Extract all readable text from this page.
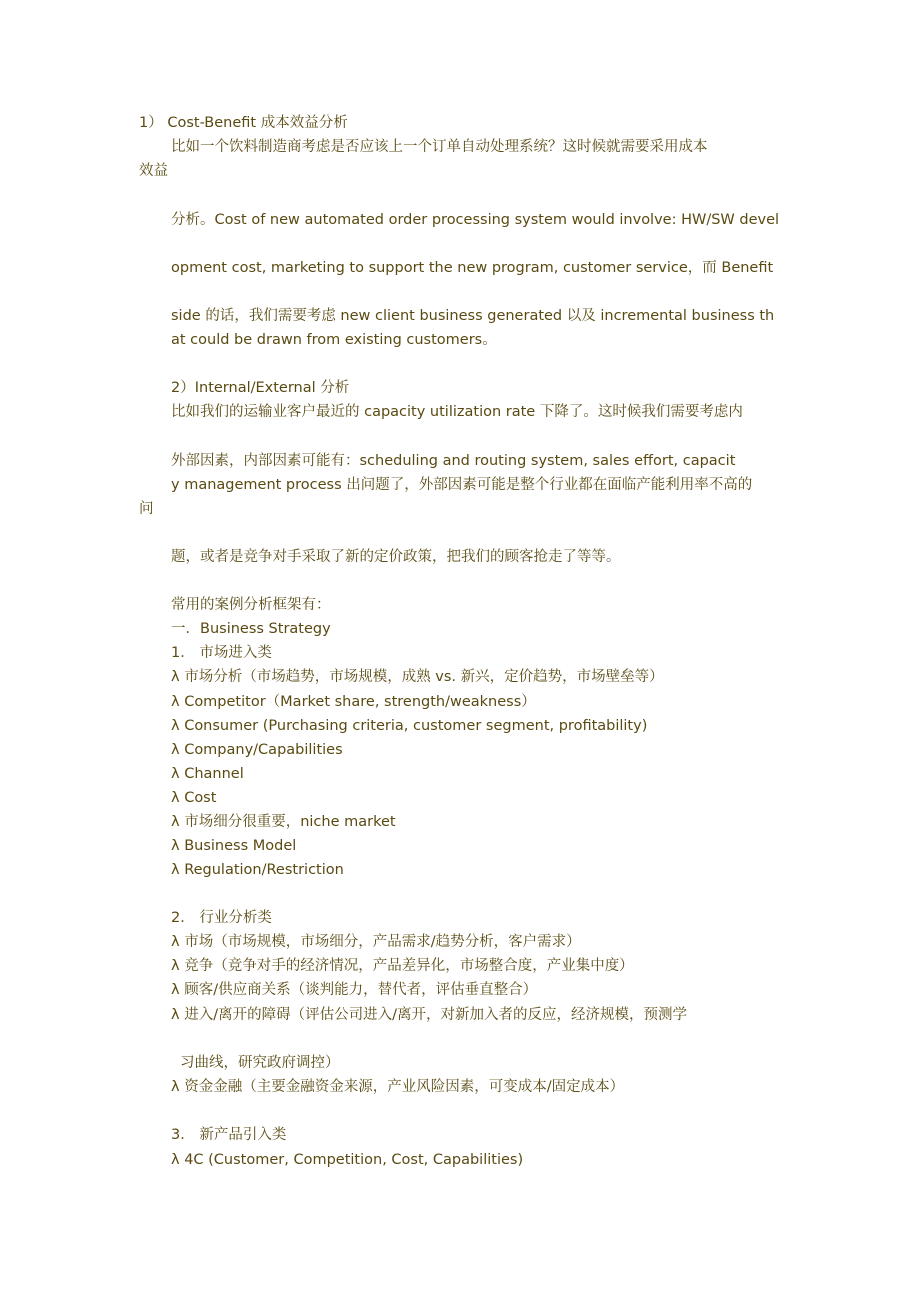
1） Cost-Benefit 成本效益分析
比如一个饮料制造商考虑是否应该上一个订单自动处理系统？这时候就需要采用成本
效益
分析。Cost of new automated order processing system would involve: HW/SW devel
opment cost, marketing to support the new program, customer service，而 Benefit
side 的话，我们需要考虑 new client business generated 以及 incremental business th
at could be drawn from existing customers。
2）Internal/External 分析
比如我们的运输业客户最近的 capacity utilization rate 下降了。这时候我们需要考虑内
外部因素，内部因素可能有：scheduling and routing system, sales effort, capacit
y management process 出问题了，外部因素可能是整个行业都在面临产能利用率不高的
问
题，或者是竞争对手采取了新的定价政策，把我们的顾客抢走了等等。
常用的案例分析框架有：
一．Business Strategy
1． 市场进入类
λ 市场分析（市场趋势，市场规模，成熟 vs. 新兴，定价趋势，市场壁垒等）
λ Competitor（Market share, strength/weakness）
λ Consumer (Purchasing criteria, customer segment, profitability)
λ Company/Capabilities
λ Channel
λ Cost
λ 市场细分很重要，niche market
λ Business Model
λ Regulation/Restriction
2． 行业分析类
λ 市场（市场规模，市场细分，产品需求/趋势分析，客户需求）
λ 竞争（竞争对手的经济情况，产品差异化，市场整合度，产业集中度）
λ 顾客/供应商关系（谈判能力，替代者，评估垂直整合）
λ 进入/离开的障碍（评估公司进入/离开，对新加入者的反应，经济规模，预测学
习曲线，研究政府调控）
λ 资金金融（主要金融资金来源，产业风险因素，可变成本/固定成本）
3． 新产品引入类
λ 4C (Customer, Competition, Cost, Capabilities)
